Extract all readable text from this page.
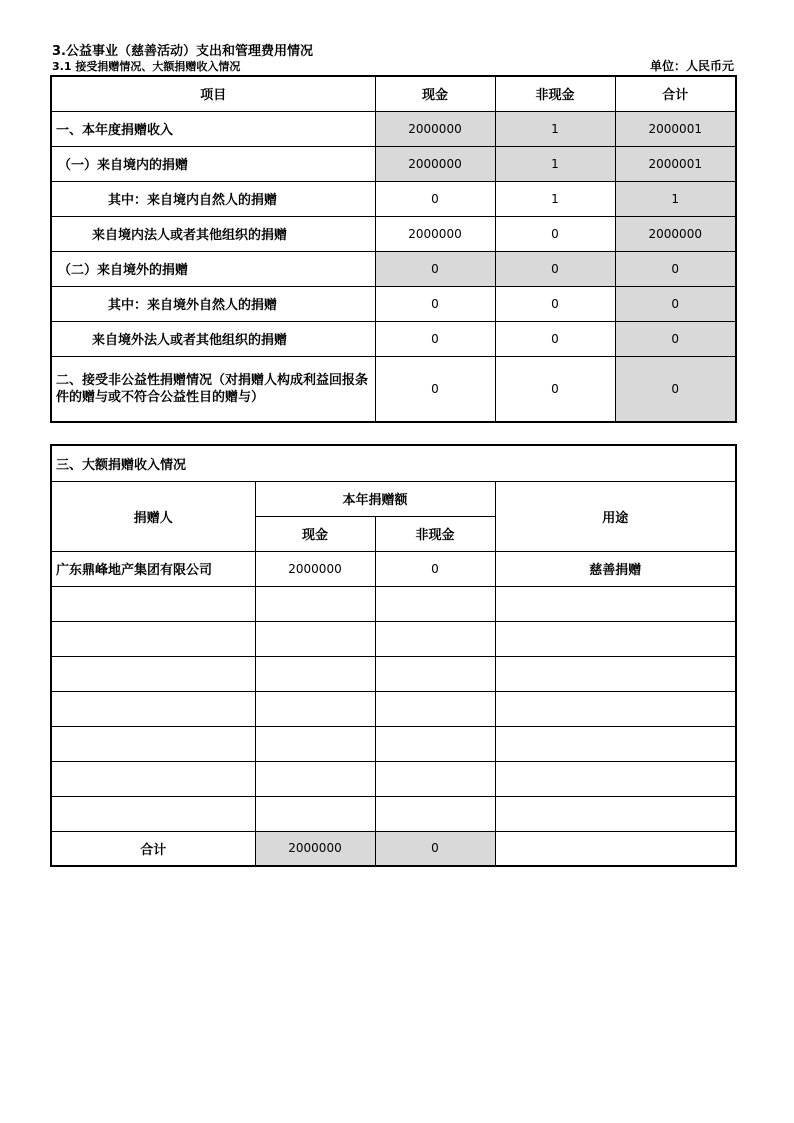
3.公益事业（慈善活动）支出和管理费用情况
3.1 接受捐赠情况、大额捐赠收入情况	单位：人民币元
项目	现金	非现金	合计
一、本年度捐赠收入	2000000	1	2000001
（一）来自境内的捐赠	2000000	1	2000001
其中：来自境内自然人的捐赠	0	1	1
来自境内法人或者其他组织的捐赠	2000000	0	2000000
（二）来自境外的捐赠	0	0	0
其中：来自境外自然人的捐赠	0	0	0
来自境外法人或者其他组织的捐赠	0	0	0
二、接受非公益性捐赠情况（对捐赠人构成利益回报条件的赠与或不符合公益性目的赠与）	0	0	0
三、大额捐赠收入情况			
捐赠人	本年捐赠额		用途
	现金	非现金	
广东鼎峰地产集团有限公司	2000000	0	慈善捐赠

合计	2000000	0	
